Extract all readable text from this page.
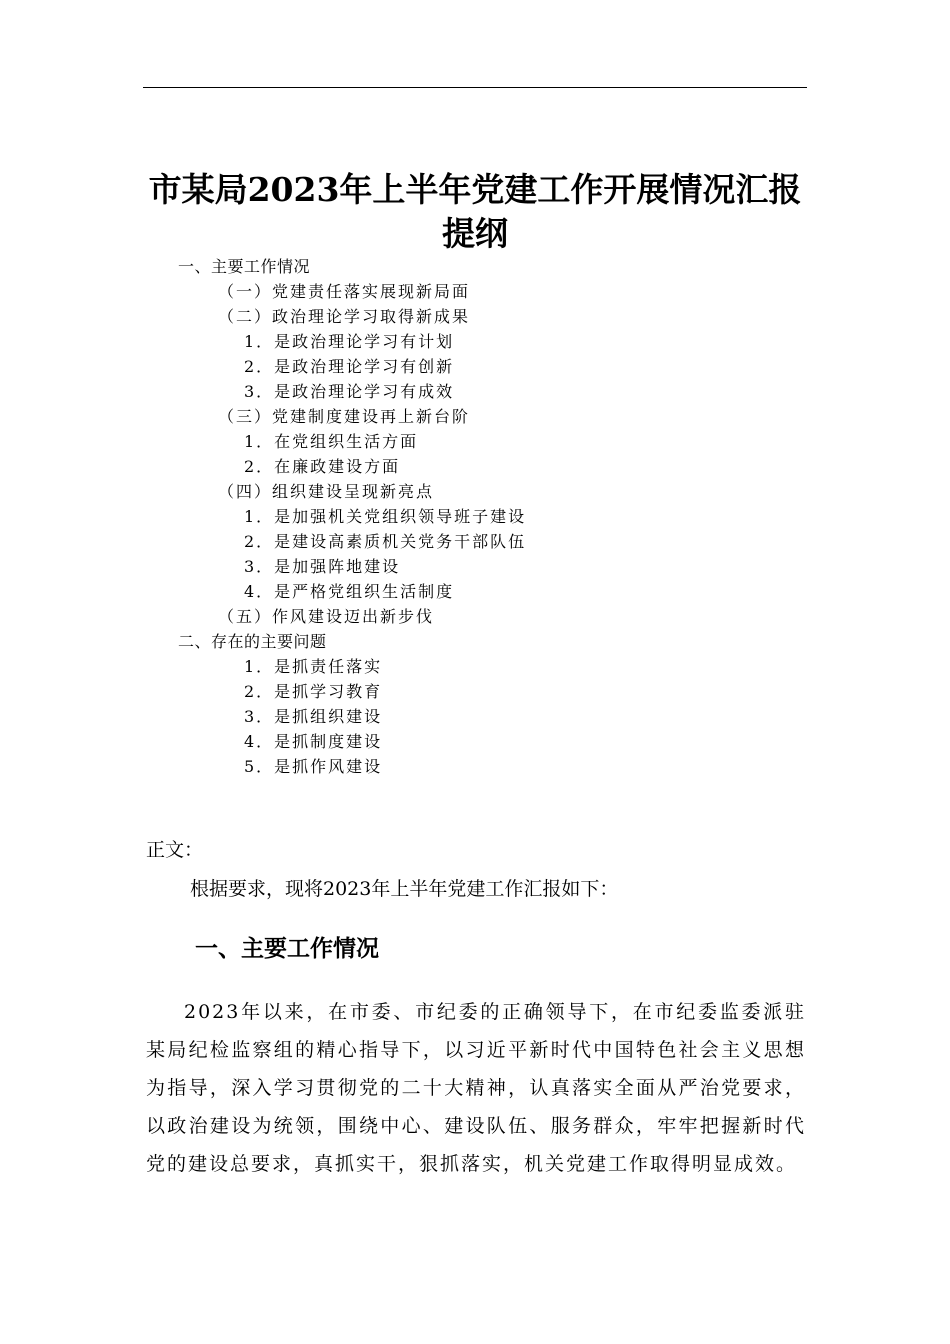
市某局2023年上半年党建工作开展情况汇报
提纲
一、主要工作情况
（一）党建责任落实展现新局面
（二）政治理论学习取得新成果
1．是政治理论学习有计划
2．是政治理论学习有创新
3．是政治理论学习有成效
（三）党建制度建设再上新台阶
1．在党组织生活方面
2．在廉政建设方面
（四）组织建设呈现新亮点
1．是加强机关党组织领导班子建设
2．是建设高素质机关党务干部队伍
3．是加强阵地建设
4．是严格党组织生活制度
（五）作风建设迈出新步伐
二、存在的主要问题
1．是抓责任落实
2．是抓学习教育
3．是抓组织建设
4．是抓制度建设
5．是抓作风建设
正文：
根据要求，现将2023年上半年党建工作汇报如下：
一、主要工作情况
2023年以来，在市委、市纪委的正确领导下，在市纪委监委派驻某局纪检监察组的精心指导下，以习近平新时代中国特色社会主义思想为指导，深入学习贯彻党的二十大精神，认真落实全面从严治党要求，以政治建设为统领，围绕中心、建设队伍、服务群众，牢牢把握新时代党的建设总要求，真抓实干，狠抓落实，机关党建工作取得明显成效。
